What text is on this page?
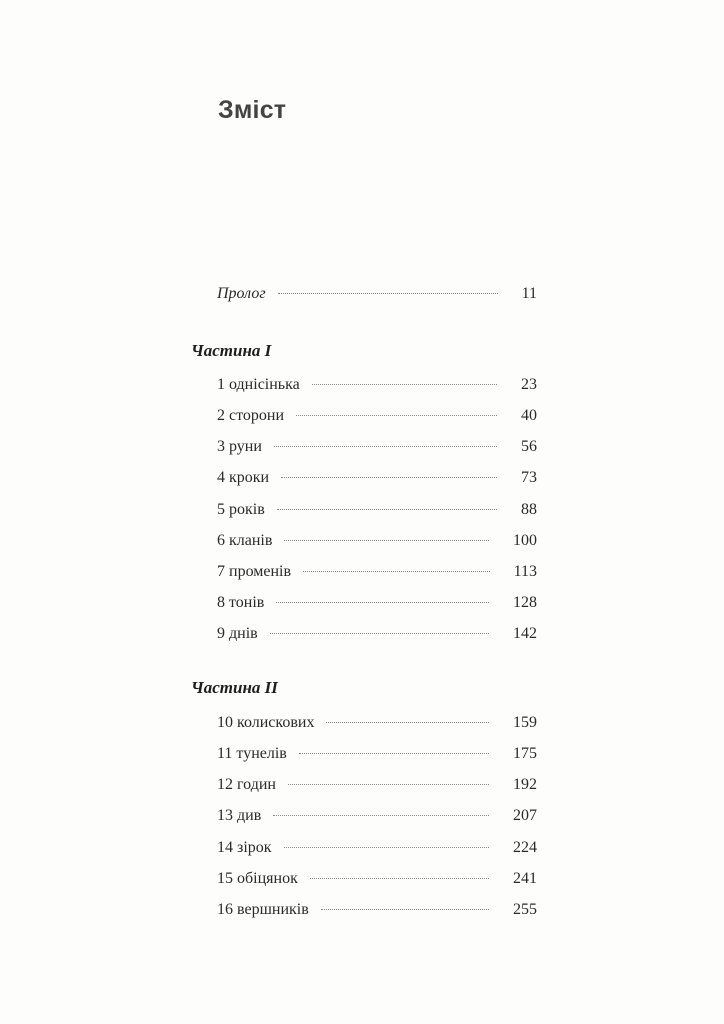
Зміст
Пролог	11
Частина I
1 однісінька	23
2 сторони	40
3 руни	56
4 кроки	73
5 років	88
6 кланів	100
7 променів	113
8 тонів	128
9 днів	142
Частина II
10 колискових	159
11 тунелів	175
12 годин	192
13 див	207
14 зірок	224
15 обіцянок	241
16 вершників	255
